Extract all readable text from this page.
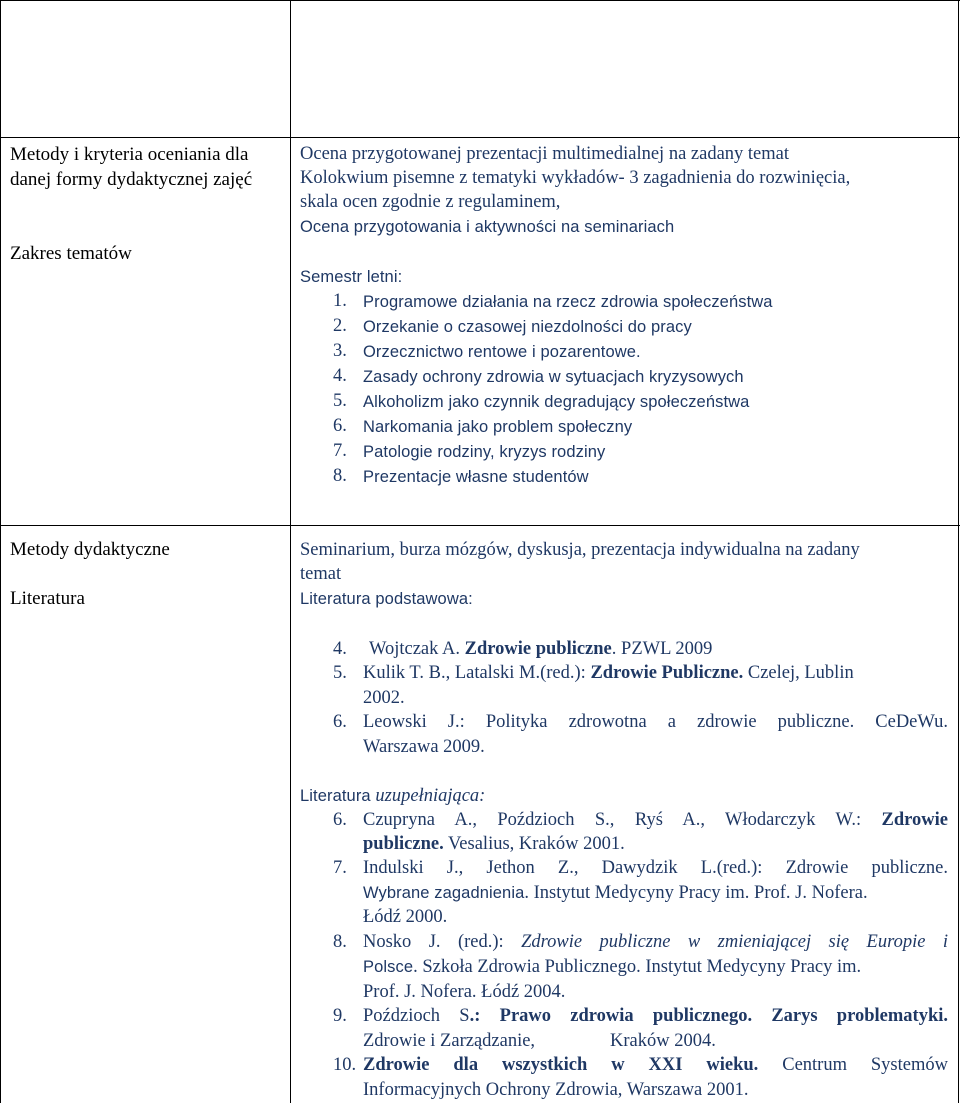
Metody i kryteria oceniania dla danej formy dydaktycznej zajęć
Zakres tematów
Metody dydaktyczne
Literatura
Ocena przygotowanej prezentacji multimedialnej na zadany temat
Kolokwium pisemne z tematyki wykładów- 3 zagadnienia do rozwinięcia,
skala ocen zgodnie z regulaminem,
Ocena przygotowania i aktywności na seminariach
Semestr letni:
1. Programowe działania na rzecz zdrowia społeczeństwa
2. Orzekanie o czasowej niezdolności do pracy
3. Orzecznictwo rentowe i pozarentowe.
4. Zasady ochrony zdrowia w sytuacjach kryzysowych
5. Alkoholizm jako czynnik degradujący społeczeństwa
6. Narkomania jako problem społeczny
7. Patologie rodziny, kryzys rodziny
8. Prezentacje własne studentów
Seminarium, burza mózgów, dyskusja, prezentacja indywidualna na zadany
temat
Literatura podstawowa:
4. Wojtczak A. Zdrowie publiczne. PZWL 2009
5. Kulik T. B., Latalski M.(red.): Zdrowie Publiczne. Czelej, Lublin
2002.
6. Leowski J.: Polityka zdrowotna a zdrowie publiczne. CeDeWu.
Warszawa 2009.
Literatura uzupełniająca:
6. Czupryna A., Poździoch S., Ryś A., Włodarczyk W.: Zdrowie
publiczne. Vesalius, Kraków 2001.
7. Indulski J., Jethon Z., Dawydzik L.(red.): Zdrowie publiczne.
Wybrane zagadnienia. Instytut Medycyny Pracy im. Prof. J. Nofera.
Łódź 2000.
8. Nosko J. (red.): Zdrowie publiczne w zmieniającej się Europie i
Polsce. Szkoła Zdrowia Publicznego. Instytut Medycyny Pracy im.
Prof. J. Nofera. Łódź 2004.
9. Poździoch S.: Prawo zdrowia publicznego. Zarys problematyki.
Zdrowie i Zarządzanie,	Kraków 2004.
10. Zdrowie dla wszystkich w XXI wieku. Centrum Systemów
Informacyjnych Ochrony Zdrowia, Warszawa 2001.
